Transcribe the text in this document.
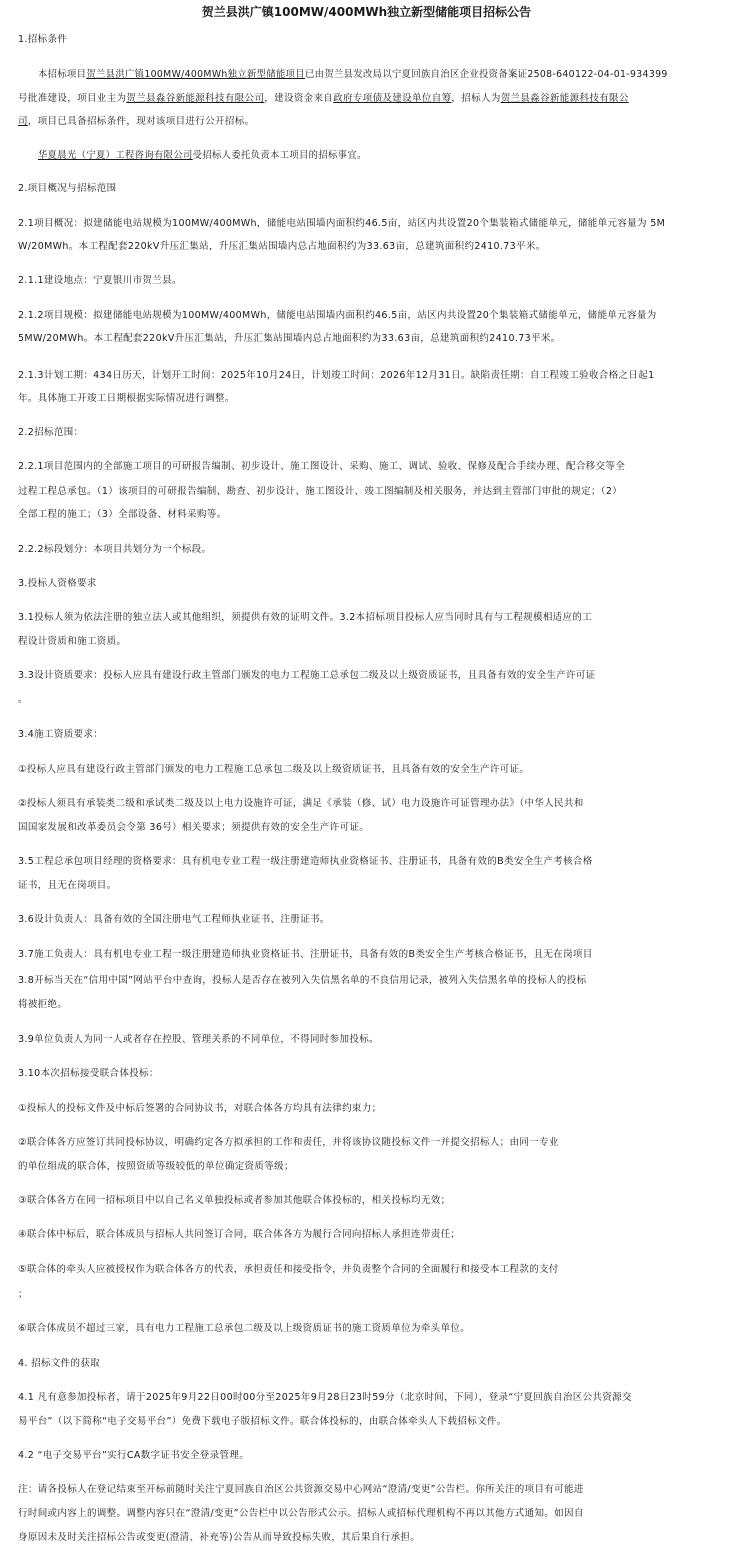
贺兰县洪广镇100MW/400MWh独立新型储能项目招标公告
1.招标条件
本招标项目贺兰县洪广镇100MW/400MWh独立新型储能项目已由贺兰县发改局以宁夏回族自治区企业投资备案证2508-640122-04-01-934399
号批准建设，项目业主为贺兰县淼谷新能源科技有限公司，建设资金来自政府专项债及建设单位自筹，招标人为贺兰县淼谷新能源科技有限公
司，项目已具备招标条件，现对该项目进行公开招标。
华夏晨光（宁夏）工程咨询有限公司受招标人委托负责本工项目的招标事宜。
2.项目概况与招标范围
2.1项目概况：拟建储能电站规模为100MW/400MWh，储能电站围墙内面积约46.5亩，站区内共设置20个集装箱式储能单元，储能单元容量为 5M
W/20MWh。本工程配套220kV升压汇集站，升压汇集站围墙内总占地面积约为33.63亩，总建筑面积约2410.73平米。
2.1.1建设地点：宁夏银川市贺兰县。
2.1.2项目规模：拟建储能电站规模为100MW/400MWh，储能电站围墙内面积约46.5亩，站区内共设置20个集装箱式储能单元，储能单元容量为
5MW/20MWh。本工程配套220kV升压汇集站，升压汇集站围墙内总占地面积约为33.63亩，总建筑面积约2410.73平米。
2.1.3计划工期：434日历天，计划开工时间：2025年10月24日，计划竣工时间：2026年12月31日。缺陷责任期：自工程竣工验收合格之日起1
年。具体施工开竣工日期根据实际情况进行调整。
2.2招标范围：
2.2.1项目范围内的全部施工项目的可研报告编制、初步设计、施工图设计、采购、施工、调试、验收、保修及配合手续办理、配合移交等全
过程工程总承包。（1）该项目的可研报告编制、勘查、初步设计、施工图设计、竣工图编制及相关服务，并达到主管部门审批的规定；（2）
全部工程的施工；（3）全部设备、材料采购等。
2.2.2标段划分：本项目共划分为一个标段。
3.投标人资格要求
3.1投标人须为依法注册的独立法人或其他组织，须提供有效的证明文件。3.2本招标项目投标人应当同时具有与工程规模相适应的工
程设计资质和施工资质。
3.3设计资质要求：投标人应具有建设行政主管部门颁发的电力工程施工总承包二级及以上级资质证书，且具备有效的安全生产许可证
。
3.4施工资质要求：
①投标人应具有建设行政主管部门颁发的电力工程施工总承包二级及以上级资质证书，且具备有效的安全生产许可证。
②投标人须具有承装类二级和承试类二级及以上电力设施许可证，满足《承装（修、试）电力设施许可证管理办法》（中华人民共和
国国家发展和改革委员会令第 36号）相关要求；须提供有效的安全生产许可证。
3.5工程总承包项目经理的资格要求：具有机电专业工程一级注册建造师执业资格证书、注册证书，具备有效的B类安全生产考核合格
证书，且无在岗项目。
3.6设计负责人：具备有效的全国注册电气工程师执业证书、注册证书。
3.7施工负责人：具有机电专业工程一级注册建造师执业资格证书、注册证书，具备有效的B类安全生产考核合格证书，且无在岗项目
3.8开标当天在“信用中国”网站平台中查询，投标人是否存在被列入失信黑名单的不良信用记录，被列入失信黑名单的投标人的投标
将被拒绝。
3.9单位负责人为同一人或者存在控股、管理关系的不同单位，不得同时参加投标。
3.10本次招标接受联合体投标：
①投标人的投标文件及中标后签署的合同协议书，对联合体各方均具有法律约束力；
②联合体各方应签订共同投标协议，明确约定各方拟承担的工作和责任，并将该协议随投标文件一并提交招标人；由同一专业
的单位组成的联合体，按照资质等级较低的单位确定资质等级；
③联合体各方在同一招标项目中以自己名义单独投标或者参加其他联合体投标的，相关投标均无效；
④联合体中标后，联合体成员与招标人共同签订合同，联合体各方为履行合同向招标人承担连带责任；
⑤联合体的牵头人应被授权作为联合体各方的代表，承担责任和接受指令，并负责整个合同的全面履行和接受本工程款的支付
；
⑥联合体成员不超过三家，具有电力工程施工总承包二级及以上级资质证书的施工资质单位为牵头单位。
4. 招标文件的获取
4.1 凡有意参加投标者，请于2025年9月22日00时00分至2025年9月28日23时59分（北京时间，下同），登录“宁夏回族自治区公共资源交
易平台”（以下简称“电子交易平台”）免费下载电子版招标文件。联合体投标的，由联合体牵头人下载招标文件。
4.2 “电子交易平台”实行CA数字证书安全登录管理。
注：请各投标人在登记结束至开标前随时关注宁夏回族自治区公共资源交易中心网站“澄清/变更”公告栏。你所关注的项目有可能进
行时间或内容上的调整。调整内容只在“澄清/变更”公告栏中以公告形式公示。招标人或招标代理机构不再以其他方式通知。如因自
身原因未及时关注招标公告或变更(澄清、补充等)公告从而导致投标失败，其后果自行承担。
